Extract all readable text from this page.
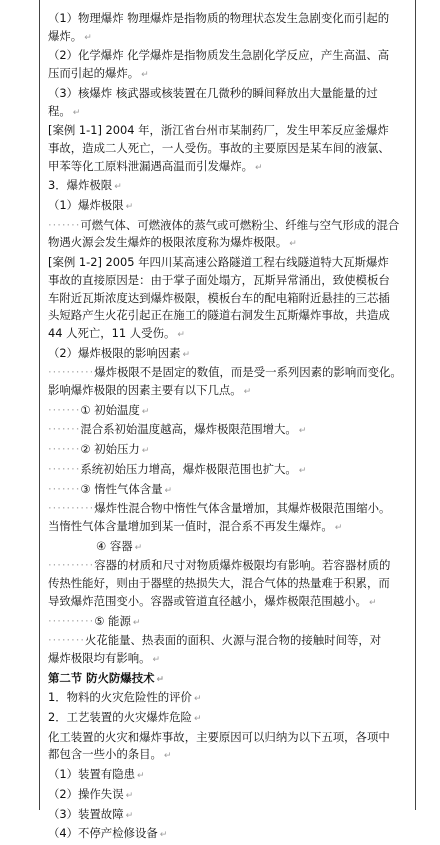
（1）物理爆炸 物理爆炸是指物质的物理状态发生急剧变化而引起的
爆炸。 ↵
（2）化学爆炸 化学爆炸是指物质发生急剧化学反应，产生高温、高
压而引起的爆炸。 ↵
（3）核爆炸 核武器或核装置在几微秒的瞬间释放出大量能量的过
程。 ↵
[案例 1-1] 2004 年，浙江省台州市某制药厂，发生甲苯反应釜爆炸
事故，造成二人死亡，一人受伤。事故的主要原因是某车间的液氯、
甲苯等化工原料泄漏遇高温而引发爆炸。 ↵
3．爆炸极限 ↵
（1）爆炸极限 ↵
·······可燃气体、可燃液体的蒸气或可燃粉尘、纤维与空气形成的混合
物遇火源会发生爆炸的极限浓度称为爆炸极限。 ↵
[案例 1-2] 2005 年四川某高速公路隧道工程右线隧道特大瓦斯爆炸
事故的直接原因是：由于掌子面处塌方，瓦斯异常涌出，致使模板台
车附近瓦斯浓度达到爆炸极限，模板台车的配电箱附近悬挂的三芯插
头短路产生火花引起正在施工的隧道右洞发生瓦斯爆炸事故，共造成
44 人死亡，11 人受伤。 ↵
（2）爆炸极限的影响因素 ↵
··········爆炸极限不是固定的数值，而是受一系列因素的影响而变化。
影响爆炸极限的因素主要有以下几点。 ↵
·······① 初始温度 ↵
·······混合系初始温度越高，爆炸极限范围增大。 ↵
·······② 初始压力 ↵
·······系统初始压力增高，爆炸极限范围也扩大。 ↵
·······③ 惰性气体含量 ↵
··········爆炸性混合物中惰性气体含量增加，其爆炸极限范围缩小。
当惰性气体含量增加到某一值时，混合系不再发生爆炸。 ↵
④ 容器 ↵
··········容器的材质和尺寸对物质爆炸极限均有影响。若容器材质的
传热性能好，则由于器壁的热损失大，混合气体的热量难于积累，而
导致爆炸范围变小。容器或管道直径越小，爆炸极限范围越小。 ↵
··········⑤ 能源 ↵
········火花能量、热表面的面积、火源与混合物的接触时间等，对
爆炸极限均有影响。 ↵
第二节 防火防爆技术 ↵
1．物料的火灾危险性的评价 ↵
2．工艺装置的火灾爆炸危险 ↵
化工装置的火灾和爆炸事故，主要原因可以归纳为以下五项，各项中
都包含一些小的条目。 ↵
（1）装置有隐患 ↵
（2）操作失误 ↵
（3）装置故障 ↵
（4）不停产检修设备 ↵
